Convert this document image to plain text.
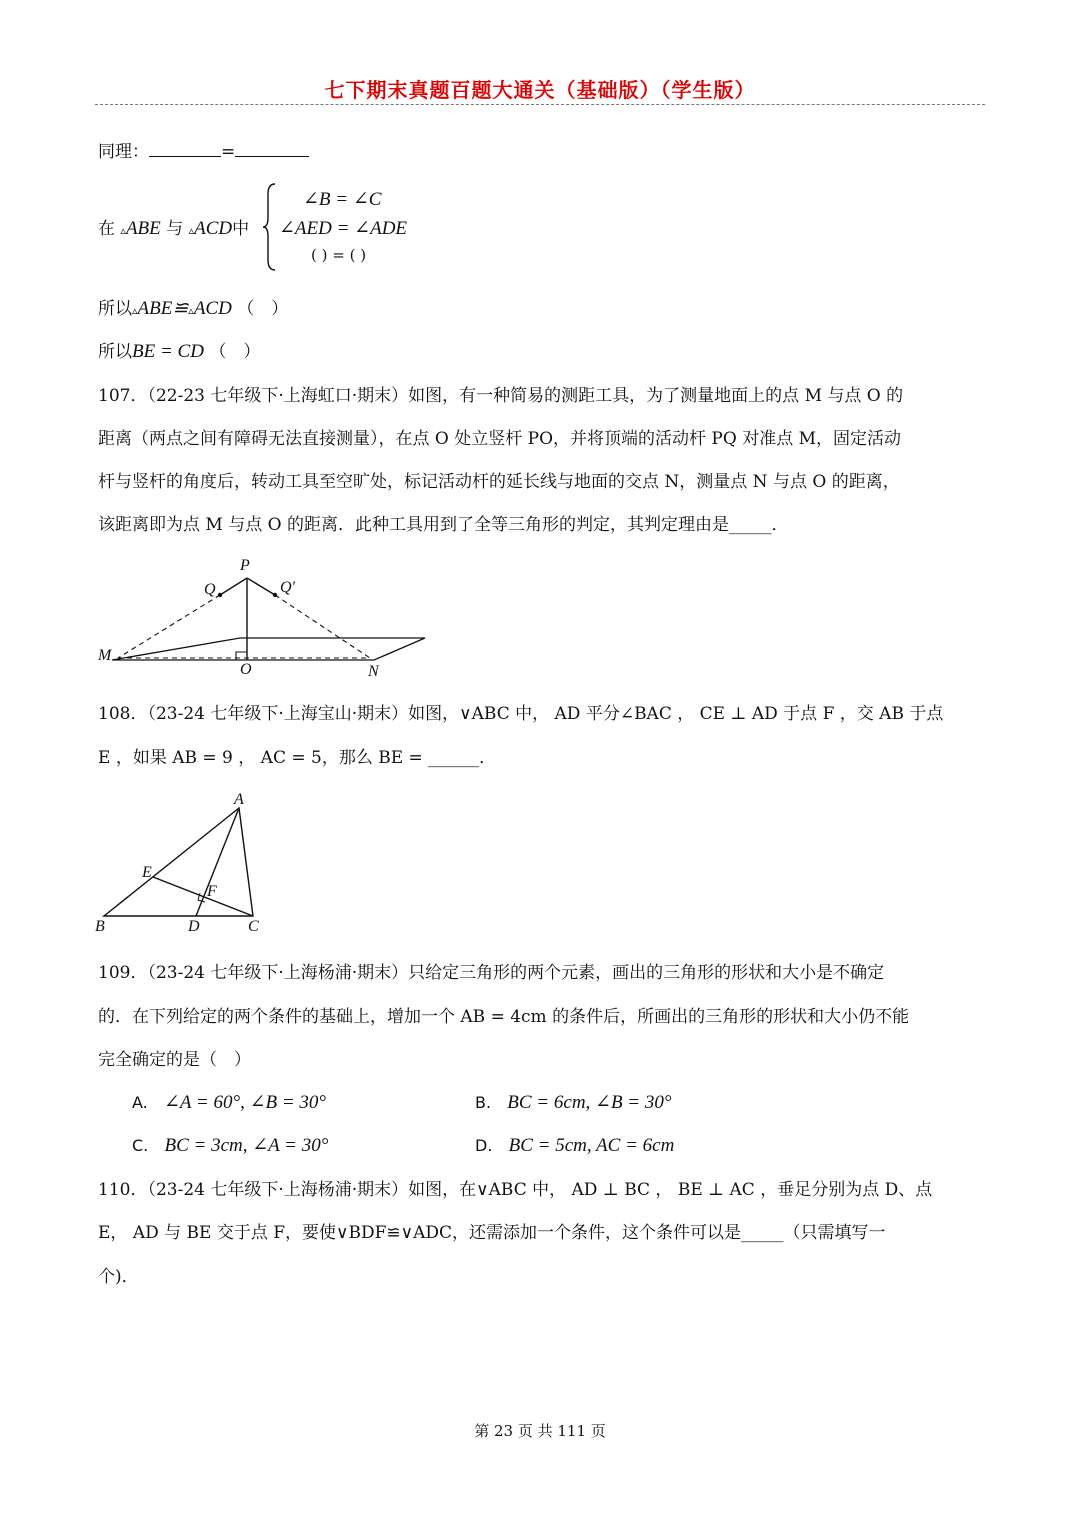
七下期末真题百题大通关（基础版）（学生版）
同理：	=
在 ▵ABE 与 ▵ACD中
∠B = ∠C
∠AED = ∠ADE
( ) = ( )
所以▵ABE≌▵ACD （　）
所以BE = CD （　）
107．（22-23 七年级下·上海虹口·期末）如图，有一种简易的测距工具，为了测量地面上的点 M 与点 O 的
距离（两点之间有障碍无法直接测量），在点 O 处立竖杆 PO，并将顶端的活动杆 PQ 对准点 M，固定活动
杆与竖杆的角度后，转动工具至空旷处，标记活动杆的延长线与地面的交点 N，测量点 N 与点 O 的距离，
该距离即为点 M 与点 O 的距离．此种工具用到了全等三角形的判定，其判定理由是_____．
P
Q	Q′
M
O	N
108．（23-24 七年级下·上海宝山·期末）如图，∨ABC 中， AD 平分∠BAC ， CE ⊥ AD 于点 F ，交 AB 于点
E ，如果 AB = 9 ， AC = 5，那么 BE = ______．
A
B	C
D
E
F
109．（23-24 七年级下·上海杨浦·期末）只给定三角形的两个元素，画出的三角形的形状和大小是不确定
的．在下列给定的两个条件的基础上，增加一个 AB = 4cm 的条件后，所画出的三角形的形状和大小仍不能
完全确定的是（　）
A. ∠A = 60°, ∠B = 30°	B. BC = 6cm, ∠B = 30°
C. BC = 3cm, ∠A = 30°	D. BC = 5cm, AC = 6cm
110．（23-24 七年级下·上海杨浦·期末）如图，在∨ABC 中， AD ⊥ BC ， BE ⊥ AC ，垂足分别为点 D、点
E， AD 与 BE 交于点 F，要使∨BDF≌∨ADC，还需添加一个条件，这个条件可以是_____（只需填写一
个)．
第 23 页 共 111 页
